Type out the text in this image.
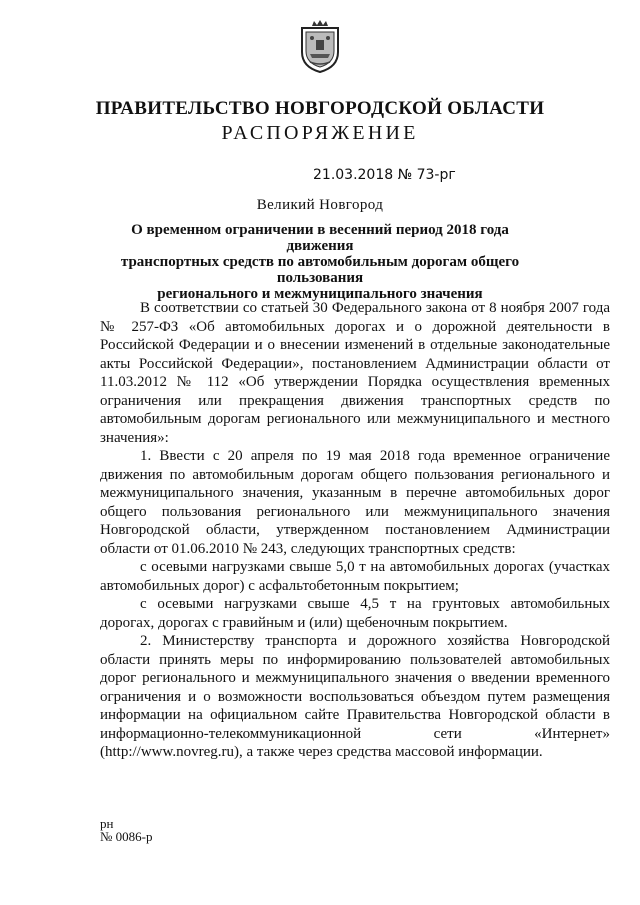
ПРАВИТЕЛЬСТВО НОВГОРОДСКОЙ ОБЛАСТИ
РАСПОРЯЖЕНИЕ
21.03.2018 № 73-рг
Великий Новгород
О временном ограничении в весенний период 2018 года движения
транспортных средств по автомобильным дорогам общего пользования
регионального и межмуниципального значения

В соответствии со статьей 30 Федерального закона от 8 ноября 2007 года № 257-ФЗ «Об автомобильных дорогах и о дорожной деятельности в Российской Федерации и о внесении изменений в отдельные законодательные акты Российской Федерации», постановлением Администрации области от 11.03.2012 № 112 «Об утверждении Порядка осуществления временных ограничения или прекращения движения транспортных средств по автомобильным дорогам регионального или межмуниципального и местного значения»:

1. Ввести с 20 апреля по 19 мая 2018 года временное ограничение движения по автомобильным дорогам общего пользования регионального и межмуниципального значения, указанным в перечне автомобильных дорог общего пользования регионального или межмуниципального значения Новгородской области, утвержденном постановлением Администрации области от 01.06.2010 № 243, следующих транспортных средств:

с осевыми нагрузками свыше 5,0 т на автомобильных дорогах (участках автомобильных дорог) с асфальтобетонным покрытием;

с осевыми нагрузками свыше 4,5 т на грунтовых автомобильных дорогах, дорогах с гравийным и (или) щебеночным покрытием.

2. Министерству транспорта и дорожного хозяйства Новгородской области принять меры по информированию пользователей автомобильных дорог регионального и межмуниципального значения о введении временного ограничения и о возможности воспользоваться объездом путем размещения информации на официальном сайте Правительства Новгородской области в информационно-телекоммуникационной сети «Интернет» (http://www.novreg.ru), а также через средства массовой информации.

рн
№ 0086-р
